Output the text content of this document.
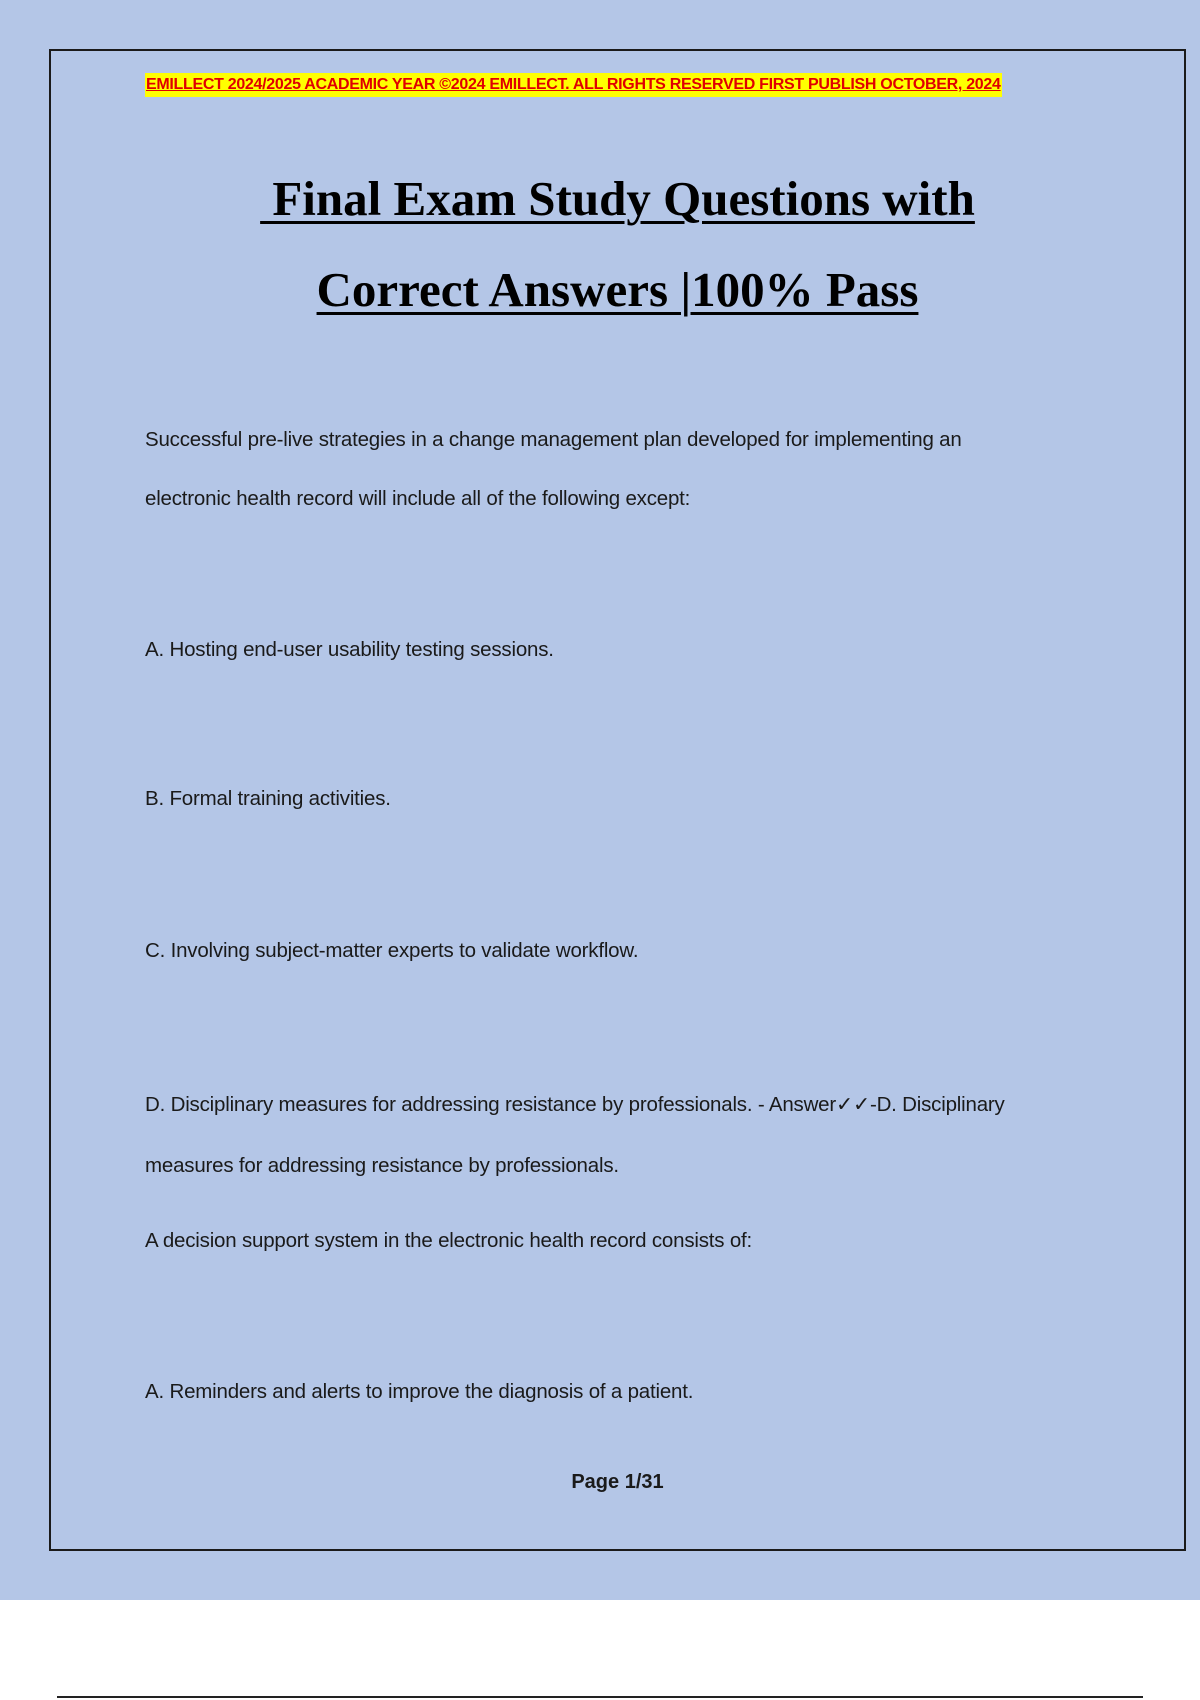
EMILLECT 2024/2025 ACADEMIC YEAR ©2024 EMILLECT. ALL RIGHTS RESERVED FIRST PUBLISH OCTOBER, 2024
Final Exam Study Questions with
Correct Answers |100% Pass
Successful pre-live strategies in a change management plan developed for implementing an
electronic health record will include all of the following except:
A. Hosting end-user usability testing sessions.
B. Formal training activities.
C. Involving subject-matter experts to validate workflow.
D. Disciplinary measures for addressing resistance by professionals. - Answer✓✓-D. Disciplinary
measures for addressing resistance by professionals.
A decision support system in the electronic health record consists of:
A. Reminders and alerts to improve the diagnosis of a patient.
Page 1/31
